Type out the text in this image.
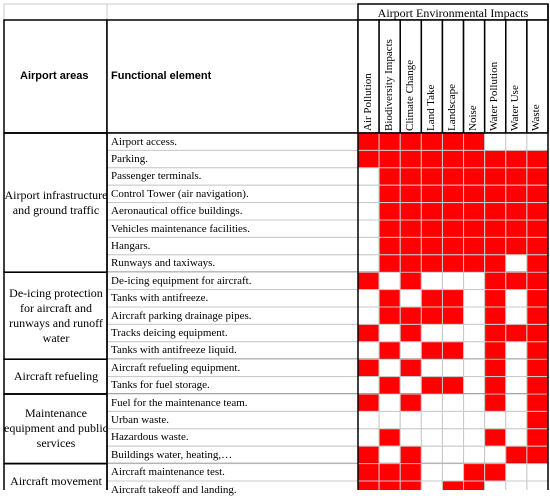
Airport Environmental Impacts
Airport areas Functional element	Air Pollution Biodiversity Impacts Climate Change Land Take Landscape Noise Water Pollution Water Use Waste
Airport access.
Parking.
Passenger terminals.
Control Tower (air navigation).
Aeronautical office buildings.
Vehicles maintenance facilities.
Hangars.
Runways and taxiways.
Airport infrastructure and ground traffic
De-icing equipment for aircraft.
Tanks with antifreeze.
Aircraft parking drainage pipes.
Tracks deicing equipment.
Tanks with antifreeze liquid.
De-icing protection for aircraft and runways and runoff water
Aircraft refueling equipment.
Tanks for fuel storage.
Aircraft refueling
Fuel for the maintenance team.
Urban waste.
Hazardous waste.
Buildings water, heating,…
Maintenance equipment and public services
Aircraft maintenance test.
Aircraft takeoff and landing.
Aircraft movement
